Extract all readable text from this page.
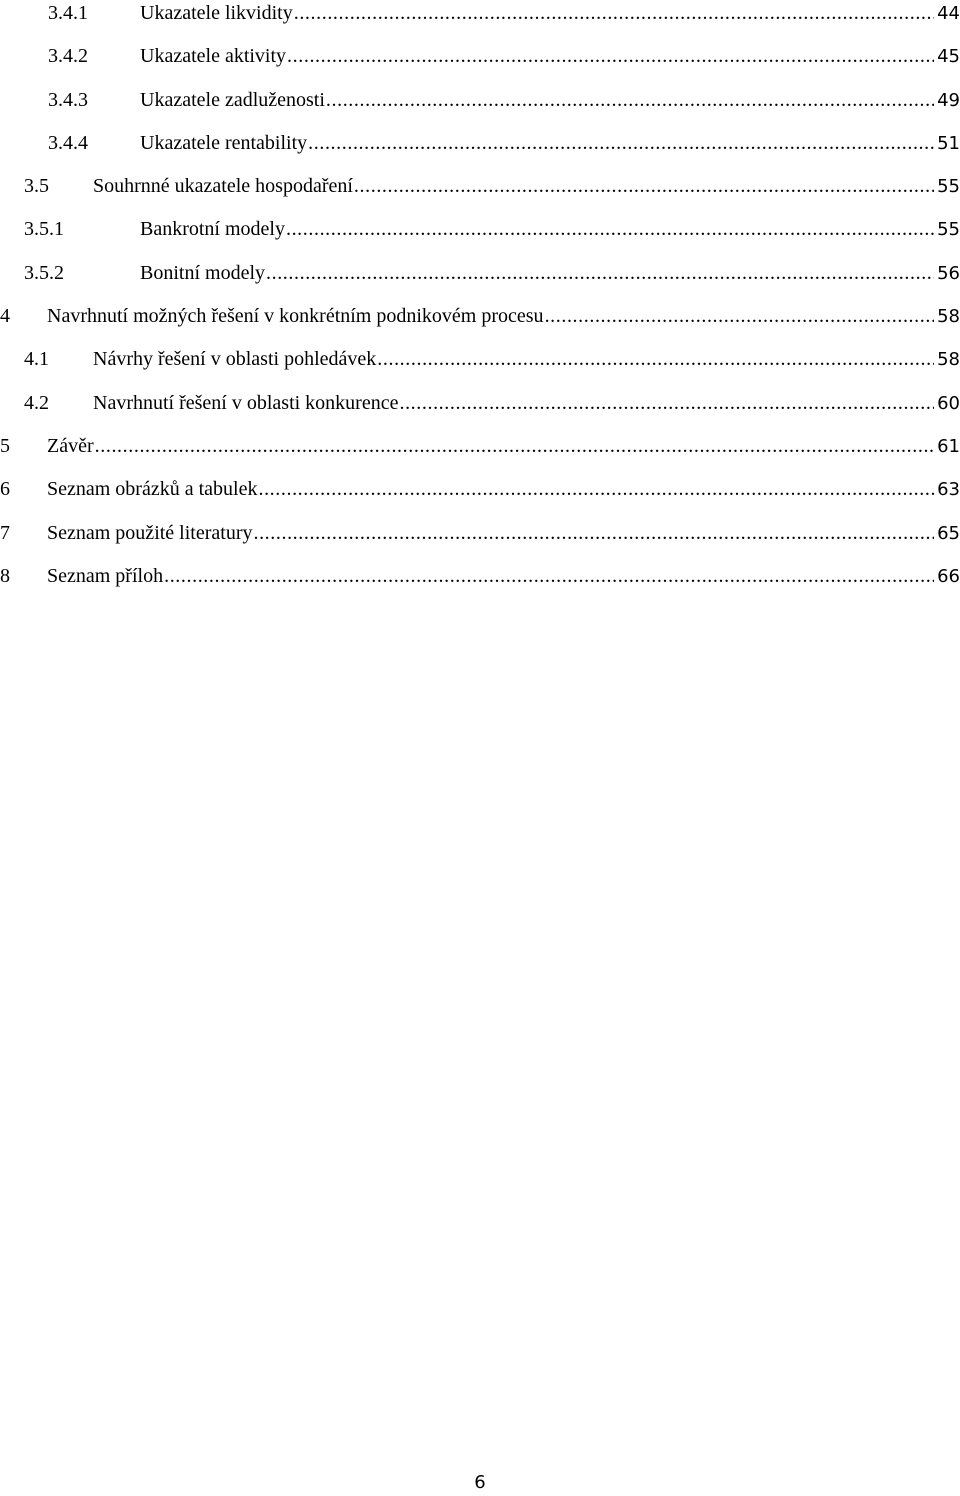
3.4.1	Ukazatele likvidity .....	44
3.4.2	Ukazatele aktivity .....	45
3.4.3	Ukazatele zadluženosti .....	49
3.4.4	Ukazatele rentability .....	51
3.5 Souhrnné ukazatele hospodaření .....	55
3.5.1	Bankrotní modely .....	55
3.5.2	Bonitní modely .....	56
4 Navrhnutí možných řešení v konkrétním podnikovém procesu .....	58
4.1 Návrhy řešení v oblasti pohledávek .....	58
4.2 Navrhnutí řešení v oblasti konkurence .....	60
5 Závěr .....	61
6 Seznam obrázků a tabulek .....	63
7 Seznam použité literatury .....	65
8 Seznam příloh .....	66
6
